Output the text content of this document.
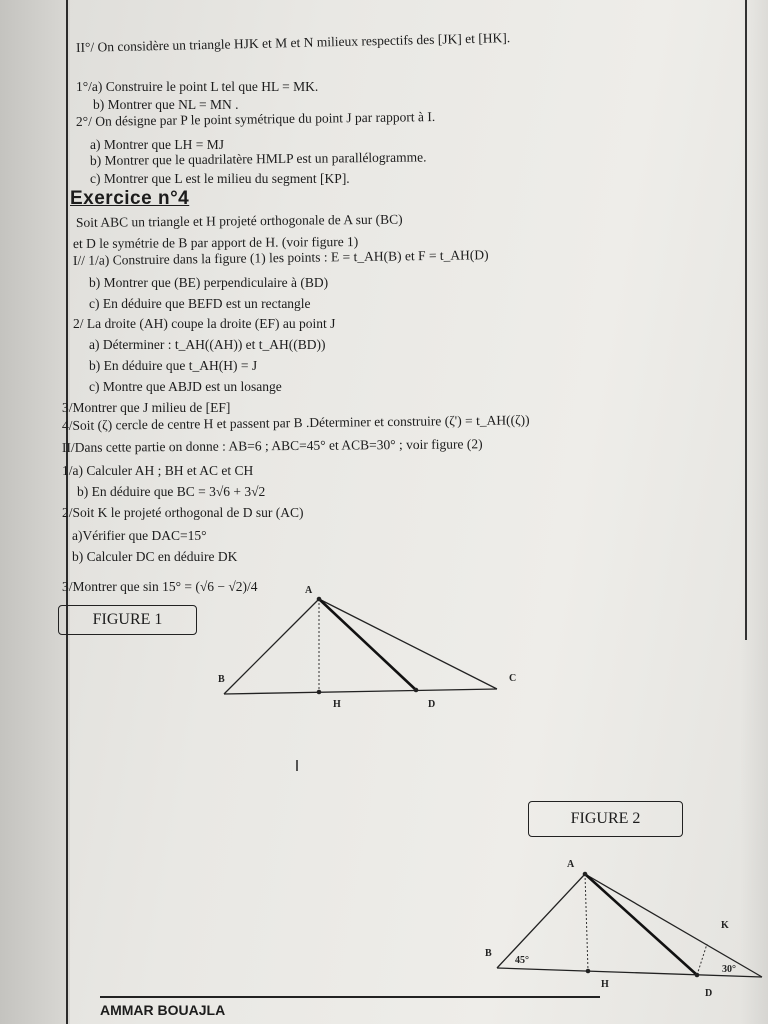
II°/ On considère un triangle HJK et M et N milieux respectifs des [JK] et [HK].
1°/a) Construire le point L tel que HL = MK.
b) Montrer que NL = MN .
2°/ On désigne par P le point symétrique du point J par rapport à I.
a) Montrer que LH = MJ
b) Montrer que le quadrilatère HMLP est un parallélogramme.
c) Montrer que L est le milieu du segment [KP].
Exercice n°4
Soit ABC un triangle et H projeté orthogonale de A sur (BC)
et D le symétrie de B par apport de H. (voir figure 1)
I// 1/a) Construire dans la figure (1) les points : E = t_AH(B) et F = t_AH(D)
b) Montrer que (BE) perpendiculaire à (BD)
c) En déduire que BEFD est un rectangle
2/ La droite (AH) coupe la droite (EF) au point J
a) Déterminer : t_AH((AH)) et t_AH((BD))
b) En déduire que t_AH(H) = J
c) Montre que ABJD est un losange
3/Montrer que J milieu de [EF]
4/Soit (ζ) cercle de centre H et passent par B .Déterminer et construire (ζ') = t_AH((ζ))
II/Dans cette partie on donne : AB=6 ; ABC=45° et ACB=30° ; voir figure (2)
1/a) Calculer AH ; BH et AC et CH
b) En déduire que BC = 3√6 + 3√2
2/Soit K le projeté orthogonal de D sur (AC)
a)Vérifier que DAC=15°
b) Calculer DC en déduire DK
3/Montrer que sin 15° = (√6 − √2)/4
FIGURE 1
A
B	C
H	D
A
B
H
D
K
45°
30°
FIGURE 2
AMMAR BOUAJLA
